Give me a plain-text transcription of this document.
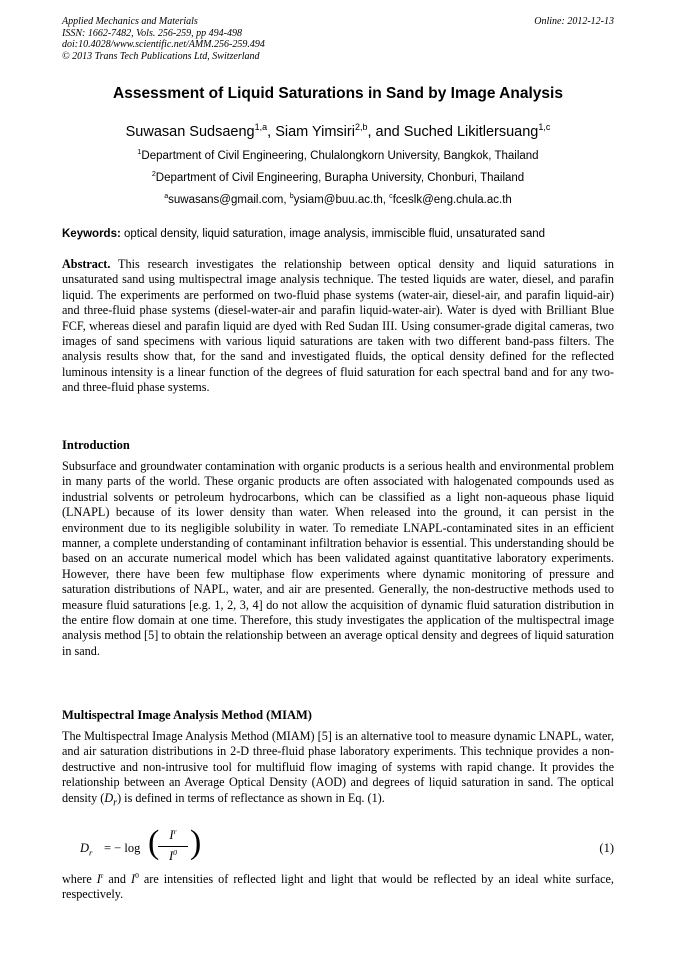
Applied Mechanics and Materials	Online: 2012-12-13
ISSN: 1662-7482, Vols. 256-259, pp 494-498
doi:10.4028/www.scientific.net/AMM.256-259.494
© 2013 Trans Tech Publications Ltd, Switzerland
Assessment of Liquid Saturations in Sand by Image Analysis
Suwasan Sudsaeng$^{1,a}$, Siam Yimsiri$^{2,b}$, and Suched Likitlersuang$^{1,c}$
$^1$Department of Civil Engineering, Chulalongkorn University, Bangkok, Thailand
$^2$Department of Civil Engineering, Burapha University, Chonburi, Thailand
$^a$suwasans@gmail.com, $^b$ysiam@buu.ac.th, $^c$fceslk@eng.chula.ac.th
Keywords: optical density, liquid saturation, image analysis, immiscible fluid, unsaturated sand

Abstract. This research investigates the relationship between optical density and liquid saturations in unsaturated sand using multispectral image analysis technique. The tested liquids are water, diesel, and parafin liquid. The experiments are performed on two-fluid phase systems (water-air, diesel-air, and parafin liquid-air) and three-fluid phase systems (diesel-water-air and parafin liquid-water-air). Water is dyed with Brilliant Blue FCF, whereas diesel and parafin liquid are dyed with Red Sudan III. Using consumer-grade digital cameras, two images of sand specimens with various liquid saturations are taken with two different band-pass filters. The analysis results show that, for the sand and investigated fluids, the optical density defined for the reflected luminous intensity is a linear function of the degrees of fluid saturation for each spectral band and for any two- and three-fluid phase systems.

Introduction

Subsurface and groundwater contamination with organic products is a serious health and environmental problem in many parts of the world. These organic products are often associated with halogenated compounds used as industrial solvents or petroleum hydrocarbons, which can be classified as a light non-aqueous phase liquid (LNAPL) because of its lower density than water. When released into the ground, it can persist in the environment due to its negligible solubility in water. To remediate LNAPL-contaminated sites in an efficient manner, a complete understanding of contaminant infiltration behavior is essential. This understanding should be based on an accurate numerical model which has been validated against quantitative laboratory experiments. However, there have been few multiphase flow experiments where dynamic monitoring of pressure and saturation distributions of NAPL, water, and air are presented. Generally, the non-destructive methods used to measure fluid saturations [e.g. 1, 2, 3, 4] do not allow the acquisition of dynamic fluid saturation distribution in the entire flow domain at one time. Therefore, this study investigates the application of the multispectral image analysis method [5] to obtain the relationship between an average optical density and degrees of liquid saturation in sand.

Multispectral Image Analysis Method (MIAM)

The Multispectral Image Analysis Method (MIAM) [5] is an alternative tool to measure dynamic LNAPL, water, and air saturation distributions in 2-D three-fluid phase laboratory experiments. This technique provides a non-destructive and non-intrusive tool for multifluid flow imaging of systems with rapid change. It provides the relationship between an Average Optical Density (AOD) and degrees of liquid saturation in sand. The optical density $(D_r)$ is defined in terms of reflectance as shown in Eq. (1).

$D_r$ = − log ( $I^r$
$I^0$ )	(1)

where $I^r$ and $I^0$ are intensities of reflected light and light that would be reflected by an ideal white surface, respectively.
